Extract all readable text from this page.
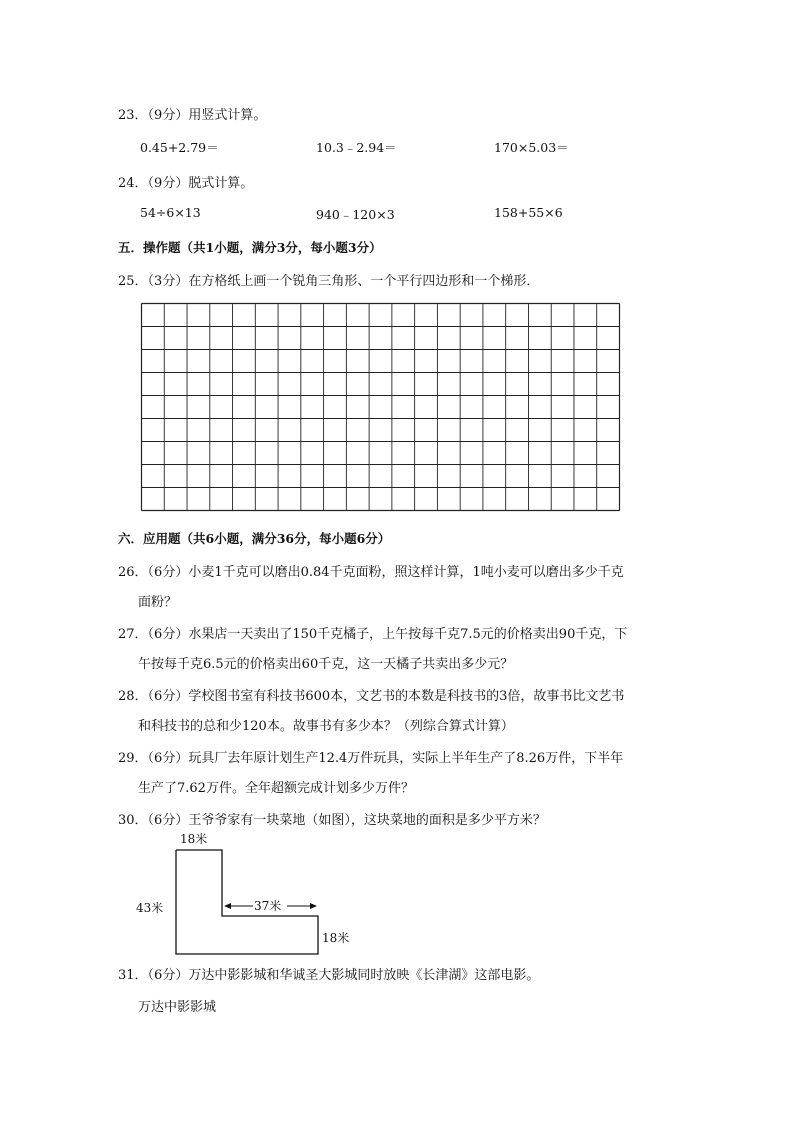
23．（9分）用竖式计算。
0.45+2.79＝	10.3﹣2.94＝	170×5.03＝
24．（9分）脱式计算。
54÷6×13	940﹣120×3	158+55×6
五．操作题（共1小题，满分3分，每小题3分）
25．（3分）在方格纸上画一个锐角三角形、一个平行四边形和一个梯形．
六．应用题（共6小题，满分36分，每小题6分）
26．（6分）小麦1千克可以磨出0.84千克面粉，照这样计算，1吨小麦可以磨出多少千克
面粉？
27．（6分）水果店一天卖出了150千克橘子，上午按每千克7.5元的价格卖出90千克，下
午按每千克6.5元的价格卖出60千克，这一天橘子共卖出多少元？
28．（6分）学校图书室有科技书600本，文艺书的本数是科技书的3倍，故事书比文艺书
和科技书的总和少120本。故事书有多少本？（列综合算式计算）
29．（6分）玩具厂去年原计划生产12.4万件玩具，实际上半年生产了8.26万件，下半年
生产了7.62万件。全年超额完成计划多少万件？
30．（6分）王爷爷家有一块菜地（如图），这块菜地的面积是多少平方米？
18米
43米	37米
18米
31．（6分）万达中影影城和华诚圣大影城同时放映《长津湖》这部电影。
万达中影影城
